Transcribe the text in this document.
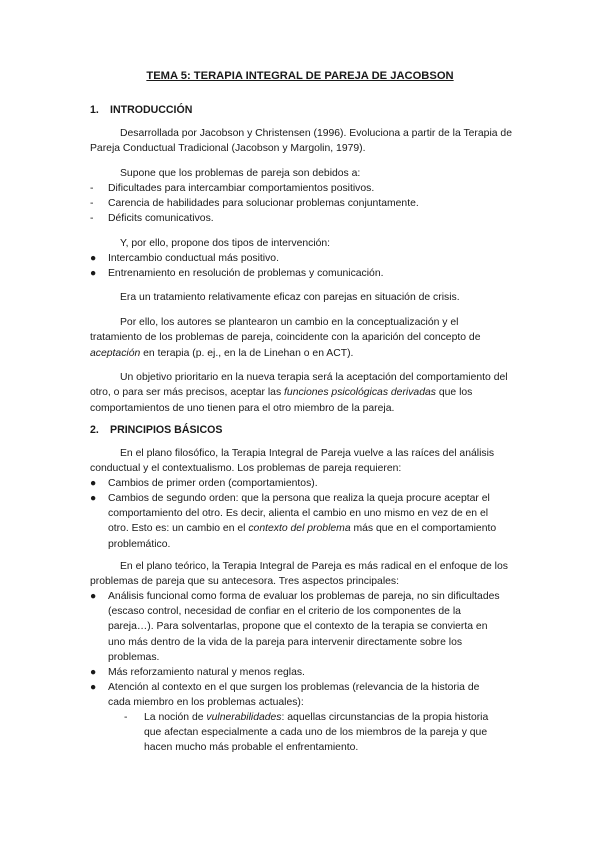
TEMA 5: TERAPIA INTEGRAL DE PAREJA DE JACOBSON
1. INTRODUCCIÓN
Desarrollada por Jacobson y Christensen (1996). Evoluciona a partir de la Terapia de
Pareja Conductual Tradicional (Jacobson y Margolin, 1979).
Supone que los problemas de pareja son debidos a:
-	Dificultades para intercambiar comportamientos positivos.
-	Carencia de habilidades para solucionar problemas conjuntamente.
-	Déficits comunicativos.
Y, por ello, propone dos tipos de intervención:
●	Intercambio conductual más positivo.
●	Entrenamiento en resolución de problemas y comunicación.
Era un tratamiento relativamente eficaz con parejas en situación de crisis.
Por ello, los autores se plantearon un cambio en la conceptualización y el
tratamiento de los problemas de pareja, coincidente con la aparición del concepto de
aceptación en terapia (p. ej., en la de Linehan o en ACT).
Un objetivo prioritario en la nueva terapia será la aceptación del comportamiento del
otro, o para ser más precisos, aceptar las funciones psicológicas derivadas que los
comportamientos de uno tienen para el otro miembro de la pareja.
2. PRINCIPIOS BÁSICOS
En el plano filosófico, la Terapia Integral de Pareja vuelve a las raíces del análisis
conductual y el contextualismo. Los problemas de pareja requieren:
●	Cambios de primer orden (comportamientos).
●	Cambios de segundo orden: que la persona que realiza la queja procure aceptar el
comportamiento del otro. Es decir, alienta el cambio en uno mismo en vez de en el
otro. Esto es: un cambio en el contexto del problema más que en el comportamiento
problemático.
En el plano teórico, la Terapia Integral de Pareja es más radical en el enfoque de los
problemas de pareja que su antecesora. Tres aspectos principales:
●	Análisis funcional como forma de evaluar los problemas de pareja, no sin dificultades
(escaso control, necesidad de confiar en el criterio de los componentes de la
pareja…). Para solventarlas, propone que el contexto de la terapia se convierta en
uno más dentro de la vida de la pareja para intervenir directamente sobre los
problemas.
●	Más reforzamiento natural y menos reglas.
●	Atención al contexto en el que surgen los problemas (relevancia de la historia de
cada miembro en los problemas actuales):
- La noción de vulnerabilidades: aquellas circunstancias de la propia historia
que afectan especialmente a cada uno de los miembros de la pareja y que
hacen mucho más probable el enfrentamiento.
